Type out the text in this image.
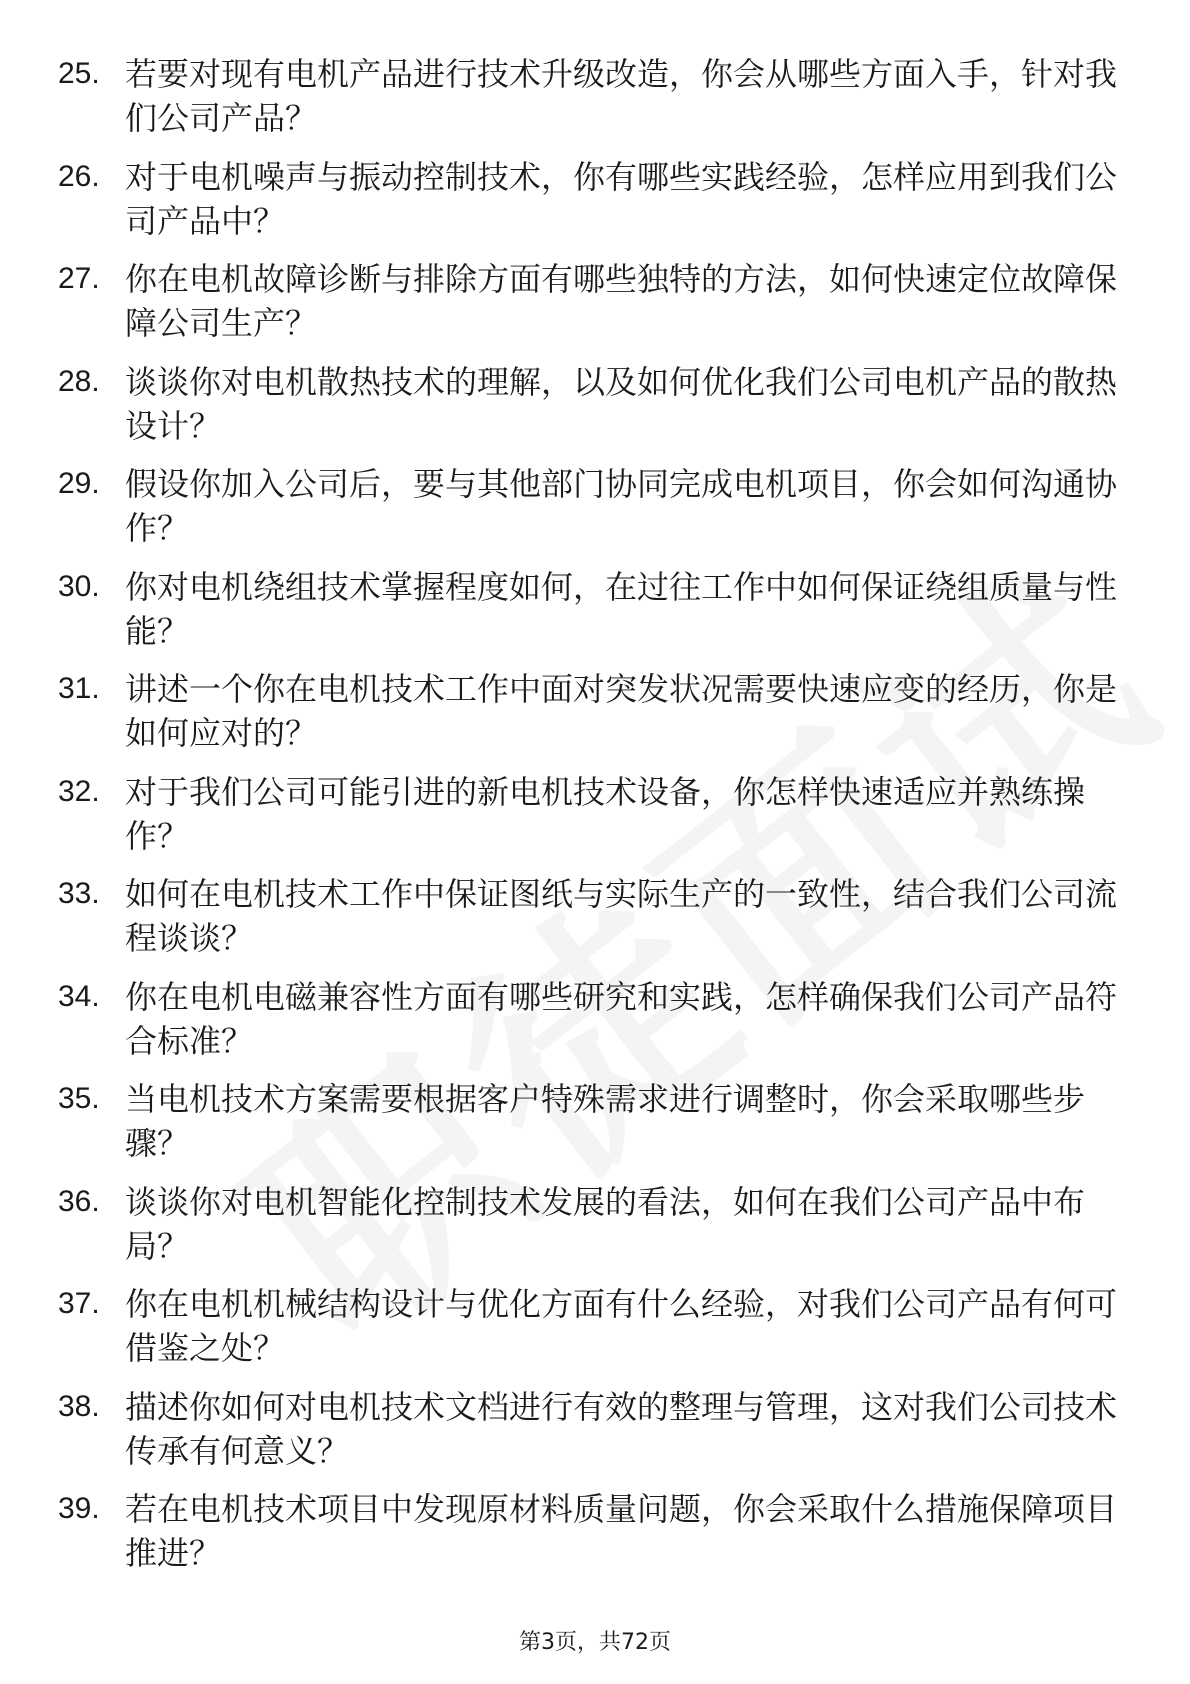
25. 若要对现有电机产品进行技术升级改造，你会从哪些方面入手，针对我们公司产品？
26. 对于电机噪声与振动控制技术，你有哪些实践经验，怎样应用到我们公司产品中？
27. 你在电机故障诊断与排除方面有哪些独特的方法，如何快速定位故障保障公司生产？
28. 谈谈你对电机散热技术的理解，以及如何优化我们公司电机产品的散热设计？
29. 假设你加入公司后，要与其他部门协同完成电机项目，你会如何沟通协作？
30. 你对电机绕组技术掌握程度如何，在过往工作中如何保证绕组质量与性能？
31. 讲述一个你在电机技术工作中面对突发状况需要快速应变的经历，你是如何应对的？
32. 对于我们公司可能引进的新电机技术设备，你怎样快速适应并熟练操作？
33. 如何在电机技术工作中保证图纸与实际生产的一致性，结合我们公司流程谈谈？
34. 你在电机电磁兼容性方面有哪些研究和实践，怎样确保我们公司产品符合标准？
35. 当电机技术方案需要根据客户特殊需求进行调整时，你会采取哪些步骤？
36. 谈谈你对电机智能化控制技术发展的看法，如何在我们公司产品中布局？
37. 你在电机机械结构设计与优化方面有什么经验，对我们公司产品有何可借鉴之处？
38. 描述你如何对电机技术文档进行有效的整理与管理，这对我们公司技术传承有何意义？
39. 若在电机技术项目中发现原材料质量问题，你会采取什么措施保障项目推进？
第3页，共72页
